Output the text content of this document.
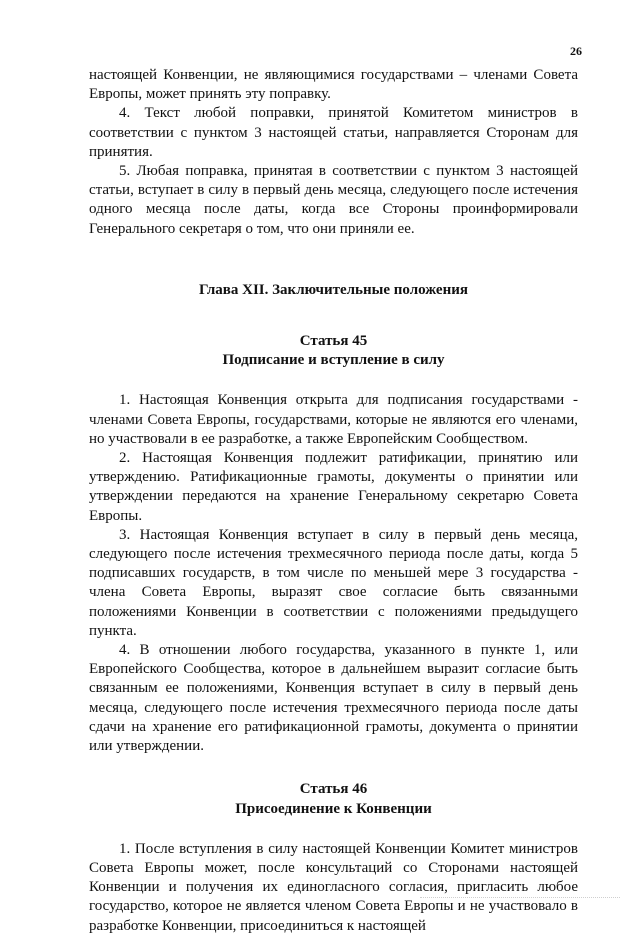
26

настоящей Конвенции, не являющимися государствами – членами Совета Европы, может принять эту поправку.

4. Текст любой поправки, принятой Комитетом министров в соответствии с пунктом 3 настоящей статьи, направляется Сторонам для принятия.

5. Любая поправка, принятая в соответствии с пунктом 3 настоящей статьи, вступает в силу в первый день месяца, следующего после истечения одного месяца после даты, когда все Стороны проинформировали Генерального секретаря о том, что они приняли ее.

Глава XII. Заключительные положения
Статья 45
Подписание и вступление в силу

1. Настоящая Конвенция открыта для подписания государствами - членами Совета Европы, государствами, которые не являются его членами, но участвовали в ее разработке, а также Европейским Сообществом.

2. Настоящая Конвенция подлежит ратификации, принятию или утверждению. Ратификационные грамоты, документы о принятии или утверждении передаются на хранение Генеральному секретарю Совета Европы.

3. Настоящая Конвенция вступает в силу в первый день месяца, следующего после истечения трехмесячного периода после даты, когда 5 подписавших государств, в том числе по меньшей мере 3 государства - члена Совета Европы, выразят свое согласие быть связанными положениями Конвенции в соответствии с положениями предыдущего пункта.

4. В отношении любого государства, указанного в пункте 1, или Европейского Сообщества, которое в дальнейшем выразит согласие быть связанным ее положениями, Конвенция вступает в силу в первый день месяца, следующего после истечения трехмесячного периода после даты сдачи на хранение его ратификационной грамоты, документа о принятии или утверждении.

Статья 46
Присоединение к Конвенции

1. После вступления в силу настоящей Конвенции Комитет министров Совета Европы может, после консультаций со Сторонами настоящей Конвенции и получения их единогласного согласия, пригласить любое государство, которое не является членом Совета Европы и не участвовало в разработке Конвенции, присоединиться к настоящей
